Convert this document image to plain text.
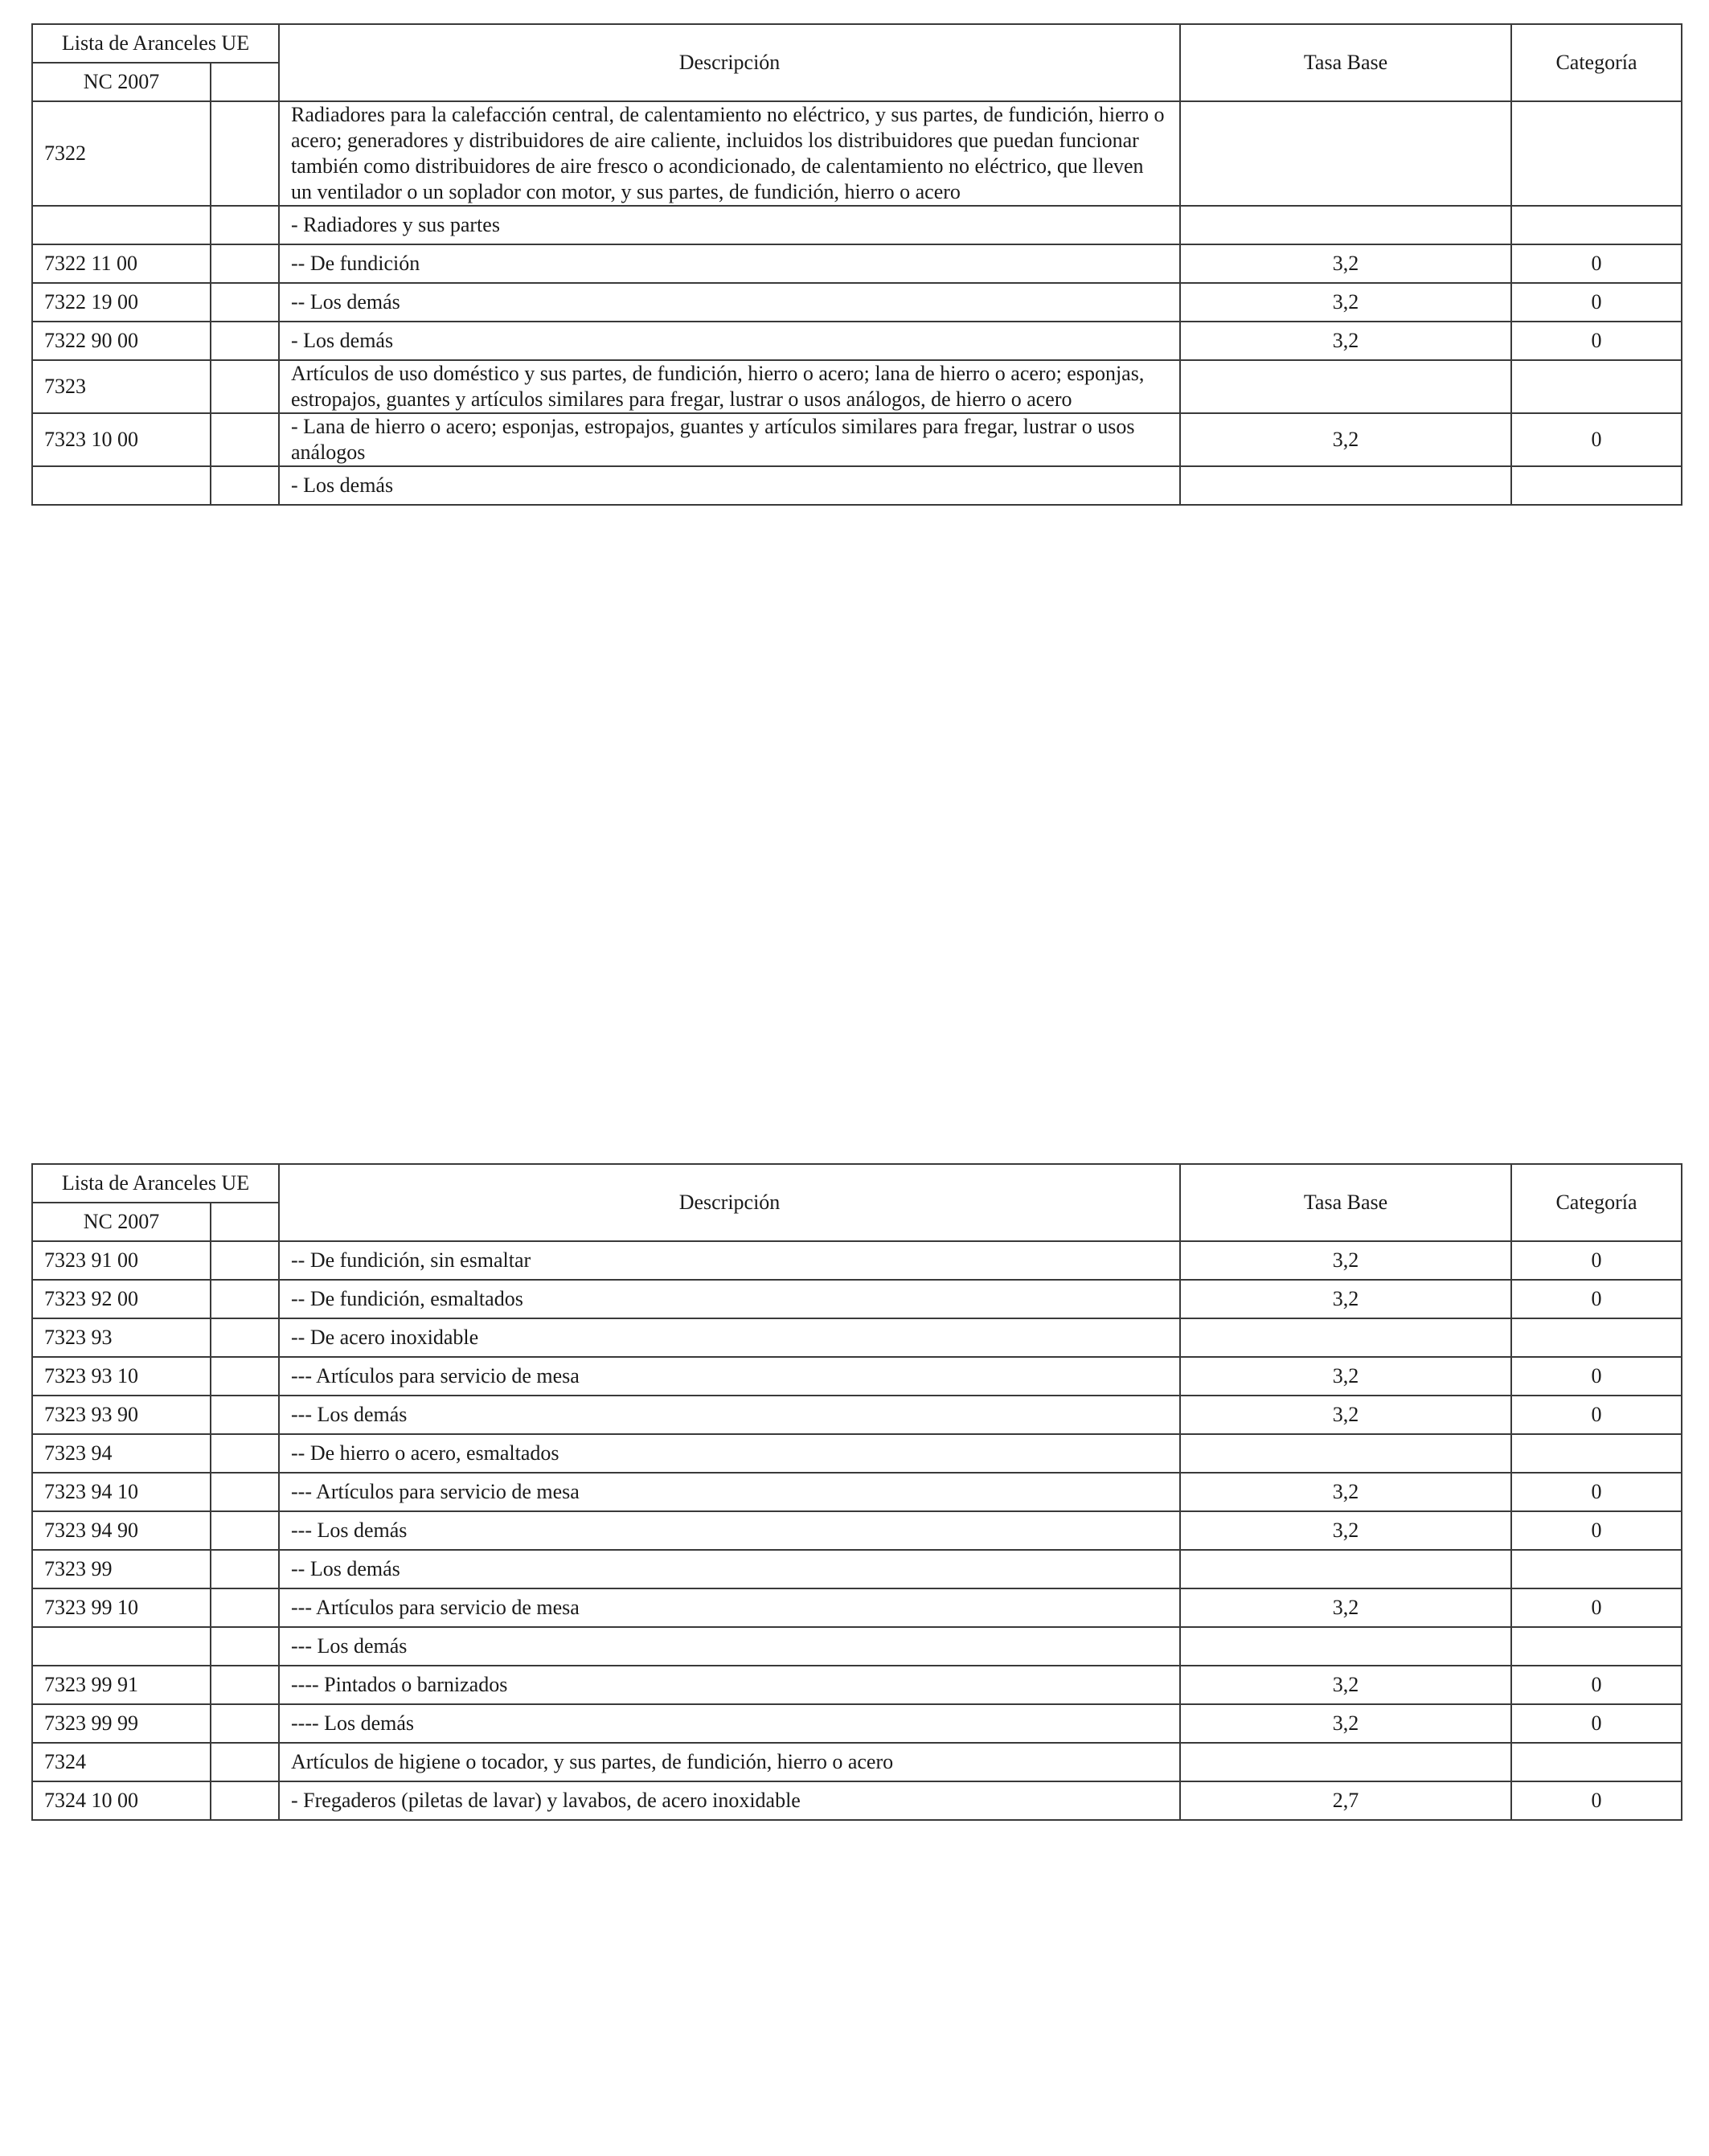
Lista de Aranceles UE		Descripción	Tasa Base	Categoría
NC 2007				
7322		Radiadores para la calefacción central, de calentamiento no eléctrico, y sus partes, de fundición, hierro o acero; generadores y distribuidores de aire caliente, incluidos los distribuidores que puedan funcionar también como distribuidores de aire fresco o acondicionado, de calentamiento no eléctrico, que lleven un ventilador o un soplador con motor, y sus partes, de fundición, hierro o acero		
		- Radiadores y sus partes		
7322 11 00		-- De fundición	3,2	0
7322 19 00		-- Los demás	3,2	0
7322 90 00		- Los demás	3,2	0
7323		Artículos de uso doméstico y sus partes, de fundición, hierro o acero; lana de hierro o acero; esponjas, estropajos, guantes y artículos similares para fregar, lustrar o usos análogos, de hierro o acero		
7323 10 00		- Lana de hierro o acero; esponjas, estropajos, guantes y artículos similares para fregar, lustrar o usos análogos	3,2	0
		- Los demás		
Lista de Aranceles UE		Descripción	Tasa Base	Categoría
NC 2007				
7323 91 00		-- De fundición, sin esmaltar	3,2	0
7323 92 00		-- De fundición, esmaltados	3,2	0
7323 93		-- De acero inoxidable		
7323 93 10		--- Artículos para servicio de mesa	3,2	0
7323 93 90		--- Los demás	3,2	0
7323 94		-- De hierro o acero, esmaltados		
7323 94 10		--- Artículos para servicio de mesa	3,2	0
7323 94 90		--- Los demás	3,2	0
7323 99		-- Los demás		
7323 99 10		--- Artículos para servicio de mesa	3,2	0
		--- Los demás		
7323 99 91		---- Pintados o barnizados	3,2	0
7323 99 99		---- Los demás	3,2	0
7324		Artículos de higiene o tocador, y sus partes, de fundición, hierro o acero		
7324 10 00		- Fregaderos (piletas de lavar) y lavabos, de acero inoxidable	2,7	0
